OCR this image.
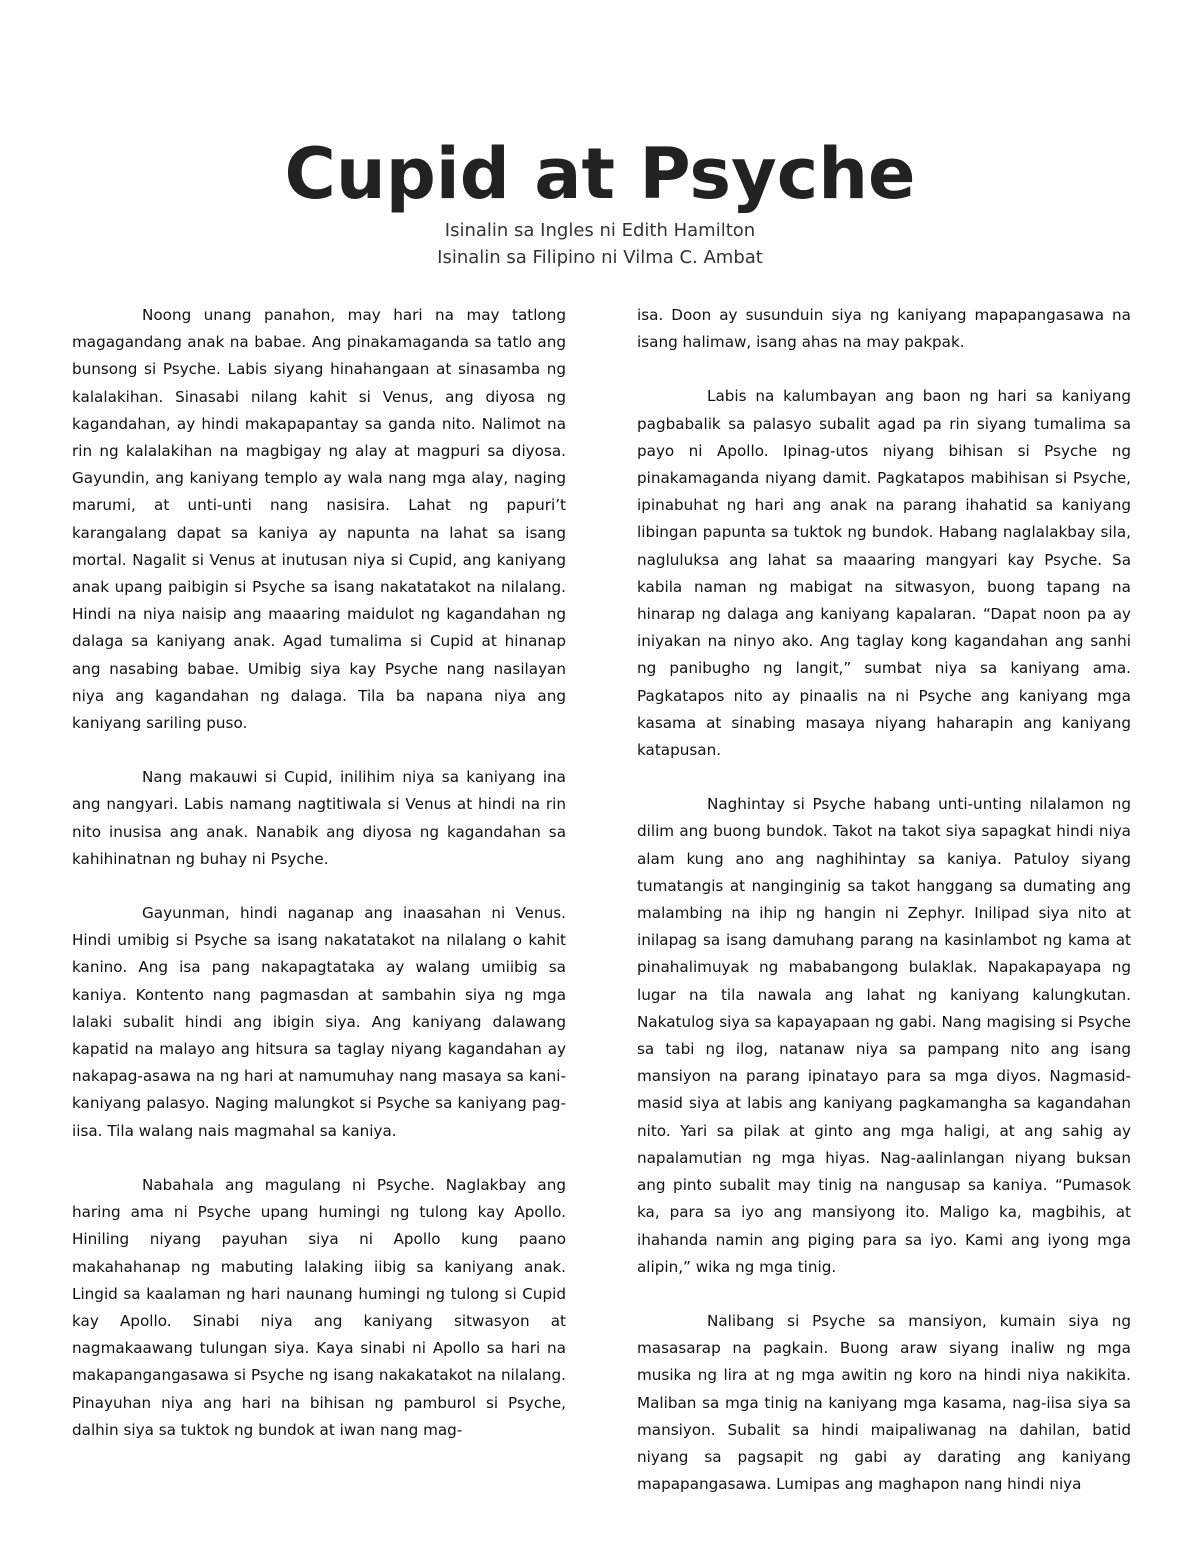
Cupid at Psyche

Isinalin sa Ingles ni Edith Hamilton

Isinalin sa Filipino ni Vilma C. Ambat

Noong unang panahon, may hari na may tatlong magagandang anak na babae. Ang pinakamaganda sa tatlo ang bunsong si Psyche. Labis siyang hinahangaan at sinasamba ng kalalakihan. Sinasabi nilang kahit si Venus, ang diyosa ng kagandahan, ay hindi makapapantay sa ganda nito. Nalimot na rin ng kalalakihan na magbigay ng alay at magpuri sa diyosa. Gayundin, ang kaniyang templo ay wala nang mga alay, naging marumi, at unti-unti nang nasisira. Lahat ng papuri’t karangalang dapat sa kaniya ay napunta na lahat sa isang mortal. Nagalit si Venus at inutusan niya si Cupid, ang kaniyang anak upang paibigin si Psyche sa isang nakatatakot na nilalang. Hindi na niya naisip ang maaaring maidulot ng kagandahan ng dalaga sa kaniyang anak. Agad tumalima si Cupid at hinanap ang nasabing babae. Umibig siya kay Psyche nang nasilayan niya ang kagandahan ng dalaga. Tila ba napana niya ang kaniyang sariling puso.

Nang makauwi si Cupid, inilihim niya sa kaniyang ina ang nangyari. Labis namang nagtitiwala si Venus at hindi na rin nito inusisa ang anak. Nanabik ang diyosa ng kagandahan sa kahihinatnan ng buhay ni Psyche.

Gayunman, hindi naganap ang inaasahan ni Venus. Hindi umibig si Psyche sa isang nakatatakot na nilalang o kahit kanino. Ang isa pang nakapagtataka ay walang umiibig sa kaniya. Kontento nang pagmasdan at sambahin siya ng mga lalaki subalit hindi ang ibigin siya. Ang kaniyang dalawang kapatid na malayo ang hitsura sa taglay niyang kagandahan ay nakapag-asawa na ng hari at namumuhay nang masaya sa kani-kaniyang palasyo. Naging malungkot si Psyche sa kaniyang pag-iisa. Tila walang nais magmahal sa kaniya.

Nabahala ang magulang ni Psyche. Naglakbay ang haring ama ni Psyche upang humingi ng tulong kay Apollo. Hiniling niyang payuhan siya ni Apollo kung paano makahahanap ng mabuting lalaking iibig sa kaniyang anak. Lingid sa kaalaman ng hari naunang humingi ng tulong si Cupid kay Apollo. Sinabi niya ang kaniyang sitwasyon at nagmakaawang tulungan siya. Kaya sinabi ni Apollo sa hari na makapangangasawa si Psyche ng isang nakakatakot na nilalang. Pinayuhan niya ang hari na bihisan ng pamburol si Psyche, dalhin siya sa tuktok ng bundok at iwan nang mag-

isa. Doon ay susunduin siya ng kaniyang mapapangasawa na isang halimaw, isang ahas na may pakpak.

Labis na kalumbayan ang baon ng hari sa kaniyang pagbabalik sa palasyo subalit agad pa rin siyang tumalima sa payo ni Apollo. Ipinag-utos niyang bihisan si Psyche ng pinakamaganda niyang damit. Pagkatapos mabihisan si Psyche, ipinabuhat ng hari ang anak na parang ihahatid sa kaniyang libingan papunta sa tuktok ng bundok. Habang naglalakbay sila, nagluluksa ang lahat sa maaaring mangyari kay Psyche. Sa kabila naman ng mabigat na sitwasyon, buong tapang na hinarap ng dalaga ang kaniyang kapalaran. “Dapat noon pa ay iniyakan na ninyo ako. Ang taglay kong kagandahan ang sanhi ng panibugho ng langit,” sumbat niya sa kaniyang ama. Pagkatapos nito ay pinaalis na ni Psyche ang kaniyang mga kasama at sinabing masaya niyang haharapin ang kaniyang katapusan.

Naghintay si Psyche habang unti-unting nilalamon ng dilim ang buong bundok. Takot na takot siya sapagkat hindi niya alam kung ano ang naghihintay sa kaniya. Patuloy siyang tumatangis at nanginginig sa takot hanggang sa dumating ang malambing na ihip ng hangin ni Zephyr. Inilipad siya nito at inilapag sa isang damuhang parang na kasinlambot ng kama at pinahalimuyak ng mababangong bulaklak. Napakapayapa ng lugar na tila nawala ang lahat ng kaniyang kalungkutan. Nakatulog siya sa kapayapaan ng gabi. Nang magising si Psyche sa tabi ng ilog, natanaw niya sa pampang nito ang isang mansiyon na parang ipinatayo para sa mga diyos. Nagmasid-masid siya at labis ang kaniyang pagkamangha sa kagandahan nito. Yari sa pilak at ginto ang mga haligi, at ang sahig ay napalamutian ng mga hiyas. Nag-aalinlangan niyang buksan ang pinto subalit may tinig na nangusap sa kaniya. “Pumasok ka, para sa iyo ang mansiyong ito. Maligo ka, magbihis, at ihahanda namin ang piging para sa iyo. Kami ang iyong mga alipin,” wika ng mga tinig.

Nalibang si Psyche sa mansiyon, kumain siya ng masasarap na pagkain. Buong araw siyang inaliw ng mga musika ng lira at ng mga awitin ng koro na hindi niya nakikita. Maliban sa mga tinig na kaniyang mga kasama, nag-iisa siya sa mansiyon. Subalit sa hindi maipaliwanag na dahilan, batid niyang sa pagsapit ng gabi ay darating ang kaniyang mapapangasawa. Lumipas ang maghapon nang hindi niya
